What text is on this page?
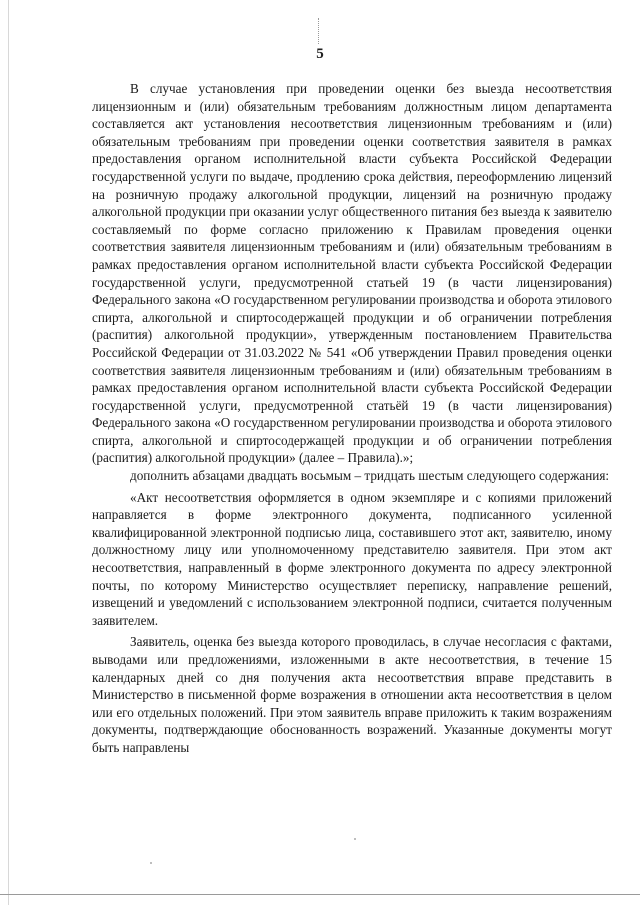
5

В случае установления при проведении оценки без выезда несоответствия лицензионным и (или) обязательным требованиям должностным лицом департамента составляется акт установления несоответствия лицензионным требованиям и (или) обязательным требованиям при проведении оценки соответствия заявителя в рамках предоставления органом исполнительной власти субъекта Российской Федерации государственной услуги по выдаче, продлению срока действия, переоформлению лицензий на розничную продажу алкогольной продукции, лицензий на розничную продажу алкогольной продукции при оказании услуг общественного питания без выезда к заявителю составляемый по форме согласно приложению к Правилам проведения оценки соответствия заявителя лицензионным требованиям и (или) обязательным требованиям в рамках предоставления органом исполнительной власти субъекта Российской Федерации государственной услуги, предусмотренной статьей 19 (в части лицензирования) Федерального закона «О государственном регулировании производства и оборота этилового спирта, алкогольной и спиртосодержащей продукции и об ограничении потребления (распития) алкогольной продукции», утвержденным постановлением Правительства Российской Федерации от 31.03.2022 № 541 «Об утверждении Правил проведения оценки соответствия заявителя лицензионным требованиям и (или) обязательным требованиям в рамках предоставления органом исполнительной власти субъекта Российской Федерации государственной услуги, предусмотренной статьёй 19 (в части лицензирования) Федерального закона «О государственном регулировании производства и оборота этилового спирта, алкогольной и спиртосодержащей продукции и об ограничении потребления (распития) алкогольной продукции» (далее – Правила).»;

дополнить абзацами двадцать восьмым – тридцать шестым следующего содержания:

«Акт несоответствия оформляется в одном экземпляре и с копиями приложений направляется в форме электронного документа, подписанного усиленной квалифицированной электронной подписью лица, составившего этот акт, заявителю, иному должностному лицу или уполномоченному представителю заявителя. При этом акт несоответствия, направленный в форме электронного документа по адресу электронной почты, по которому Министерство осуществляет переписку, направление решений, извещений и уведомлений с использованием электронной подписи, считается полученным заявителем.

Заявитель, оценка без выезда которого проводилась, в случае несогласия с фактами, выводами или предложениями, изложенными в акте несоответствия, в течение 15 календарных дней со дня получения акта несоответствия вправе представить в Министерство в письменной форме возражения в отношении акта несоответствия в целом или его отдельных положений. При этом заявитель вправе приложить к таким возражениям документы, подтверждающие обоснованность возражений. Указанные документы могут быть направлены
